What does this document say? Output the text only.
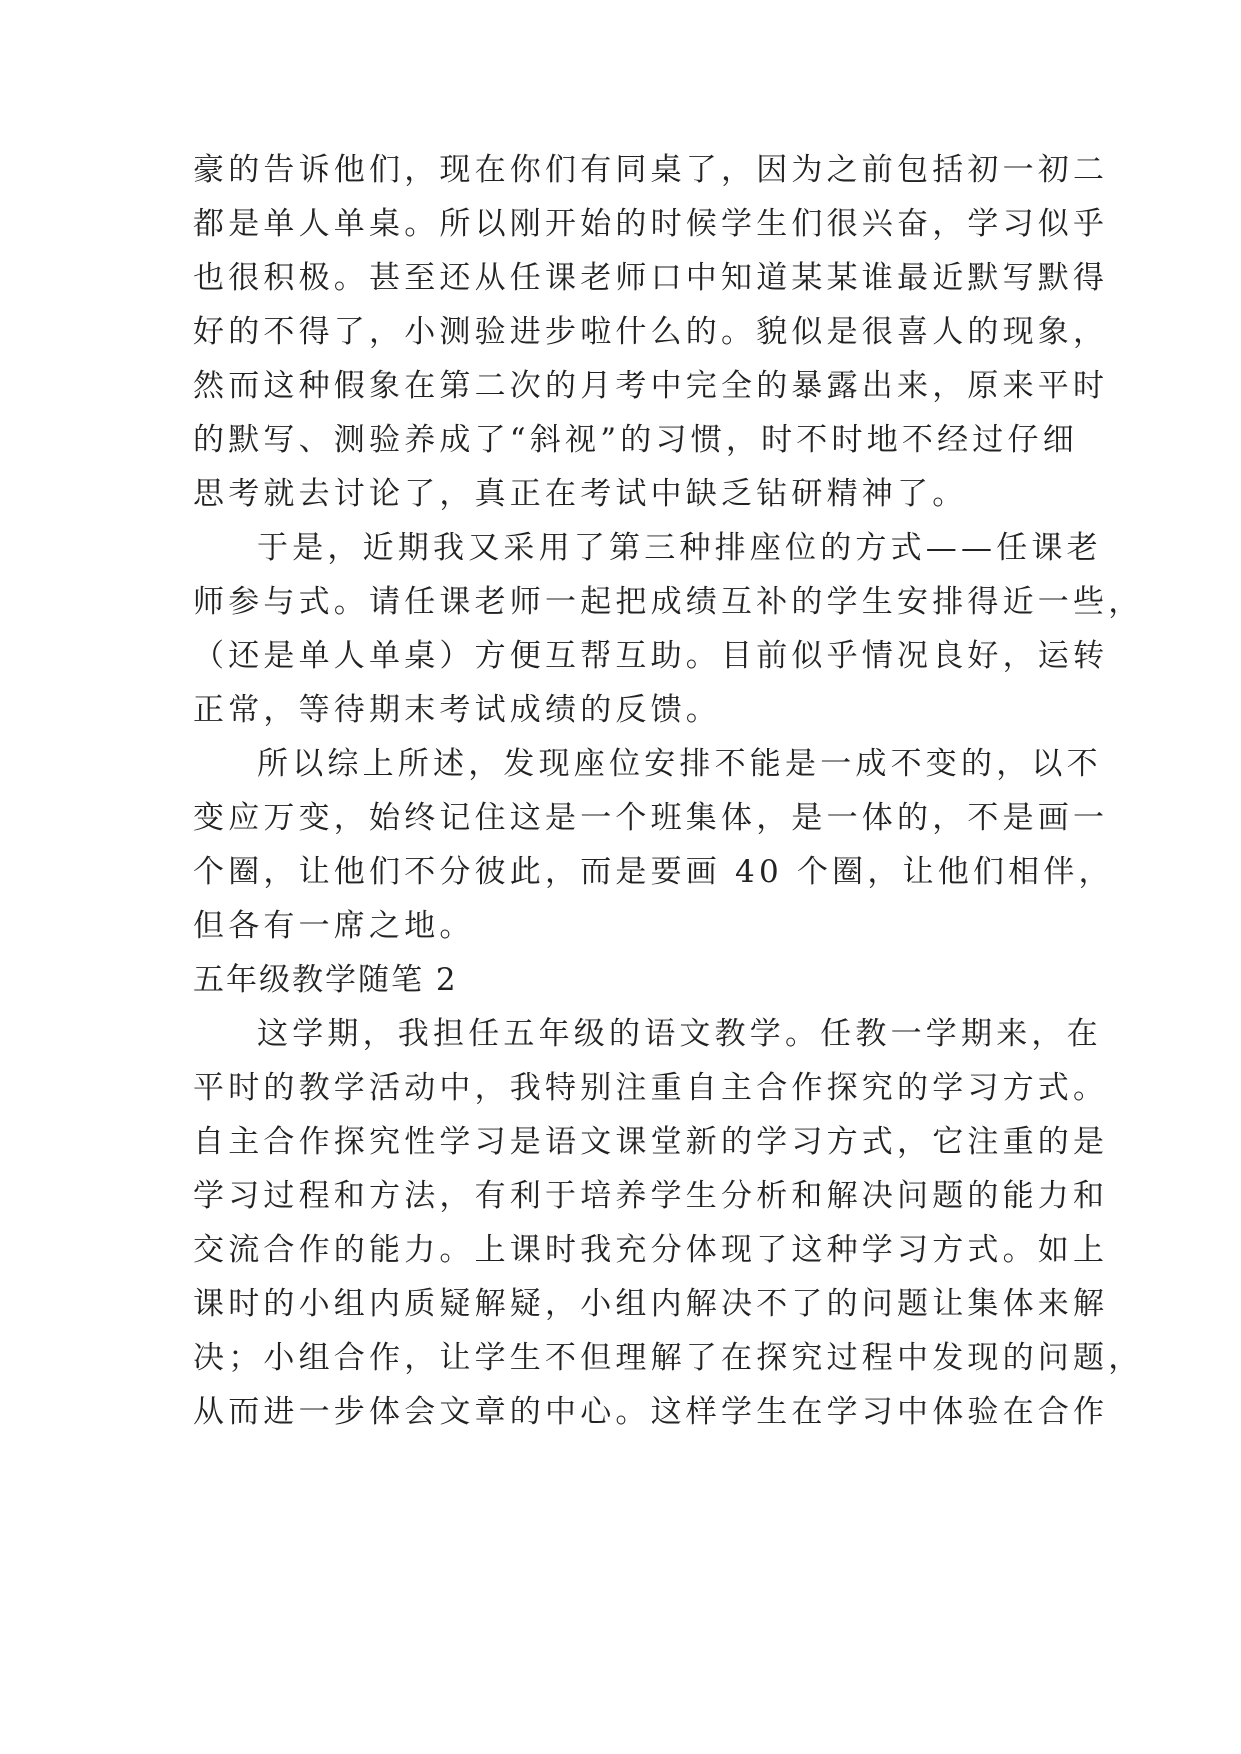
豪的告诉他们，现在你们有同桌了，因为之前包括初一初二
都是单人单桌。所以刚开始的时候学生们很兴奋，学习似乎
也很积极。甚至还从任课老师口中知道某某谁最近默写默得
好的不得了，小测验进步啦什么的。貌似是很喜人的现象，
然而这种假象在第二次的月考中完全的暴露出来，原来平时
的默写、测验养成了“斜视”的习惯，时不时地不经过仔细
思考就去讨论了，真正在考试中缺乏钻研精神了。
于是，近期我又采用了第三种排座位的方式——任课老
师参与式。请任课老师一起把成绩互补的学生安排得近一些，
（还是单人单桌）方便互帮互助。目前似乎情况良好，运转
正常，等待期末考试成绩的反馈。
所以综上所述，发现座位安排不能是一成不变的，以不
变应万变，始终记住这是一个班集体，是一体的，不是画一
个圈，让他们不分彼此，而是要画 40 个圈，让他们相伴，
但各有一席之地。
五年级教学随笔 2
这学期，我担任五年级的语文教学。任教一学期来，在
平时的教学活动中，我特别注重自主合作探究的学习方式。
自主合作探究性学习是语文课堂新的学习方式，它注重的是
学习过程和方法，有利于培养学生分析和解决问题的能力和
交流合作的能力。上课时我充分体现了这种学习方式。如上
课时的小组内质疑解疑，小组内解决不了的问题让集体来解
决；小组合作，让学生不但理解了在探究过程中发现的问题，
从而进一步体会文章的中心。这样学生在学习中体验在合作
